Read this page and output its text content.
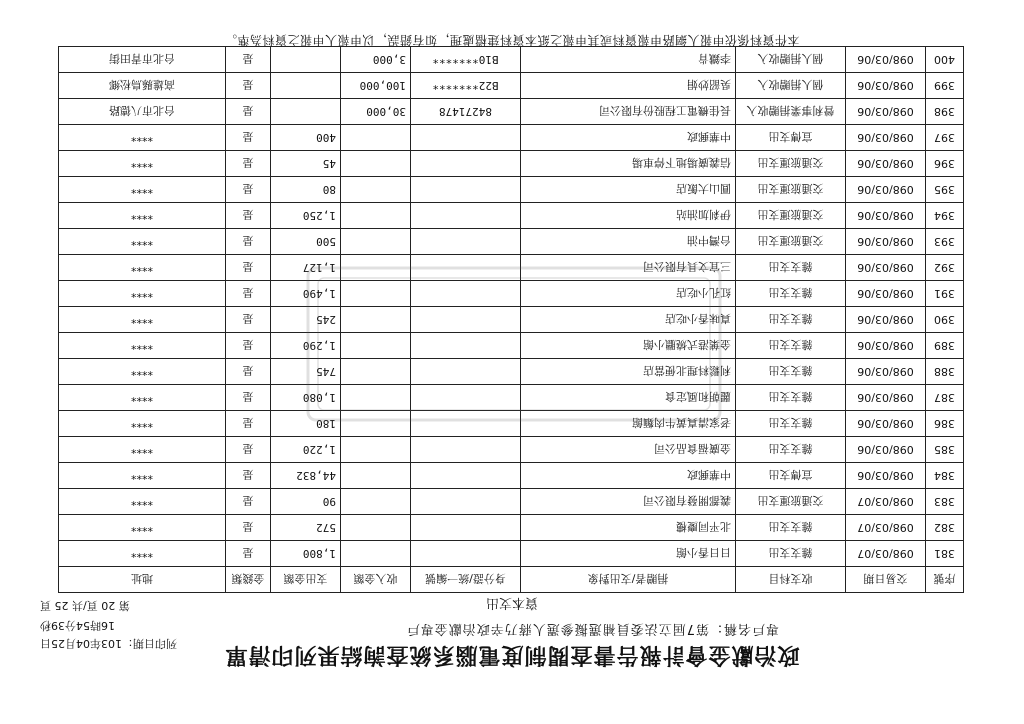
政治獻金會計報告書查閱制度電腦系統查詢結果列印清單
專戶名稱：第7屆立法委員補選擬參選人蔣乃辛政治獻金專戶
列印日期：103年04月25日
16時54分39秒
資本支出
第 20 頁/共 25 頁
序號	交易日期	收支科目	捐贈者/支出對象	身分證/統一編號	收入金額	支出金額	金錢類	地址
381	098/03/07	雜支支出	日日香小館			1,800	是	****
382	098/03/07	雜支支出	北平同慶樓			572	是	****
383	098/03/07	交通旅運支出	義都開發有限公司			90	是	****
384	098/03/06	宣傳支出	中華郵政			44,832	是	****
385	098/03/06	雜支支出	金廣福食品公司			1,220	是	****
386	098/03/06	雜支支出	老家清真黃牛肉麵館			180	是	****
387	098/03/06	雜支支出	麗朝和風定食			1,080	是	****
388	098/03/06	雜支支出	利鬆料理北便當店			745	是	****
389	098/03/06	雜支支出	金葉港式燒臘小館			1,290	是	****
390	098/03/06	雜支支出	真味香小吃店			245	是	****
391	098/03/06	雜支支出	紅孔小吃店			1,490	是	****
392	098/03/06	雜支支出	三宜文具有限公司			1,127	是	****
393	098/03/06	交通旅運支出	台灣中油			500	是	****
394	098/03/06	交通旅運支出	伊剎加油站			1,250	是	****
395	098/03/06	交通旅運支出	圓山大飯店			80	是	****
396	098/03/06	交通旅運支出	信義廣場地下停車場			45	是	****
397	098/03/06	宣傳支出	中華郵政			400	是	****
398	098/03/06	營利事業捐贈收入	長佳機電工程股份有限公司	84271478	30,000		是	台北市八德路
399	098/03/06	個人捐贈收入	吳韶妙娟	B22*******	100,000		是	高雄縣鳥松鄉
400	098/03/06	個人捐贈收入	李鐵肯	B10*******	3,000		是	台北市青田街
本件資料係依申報人網路申報資料或其申報之紙本資料建檔處理，如有錯誤，以申報人申報之資料為準。
